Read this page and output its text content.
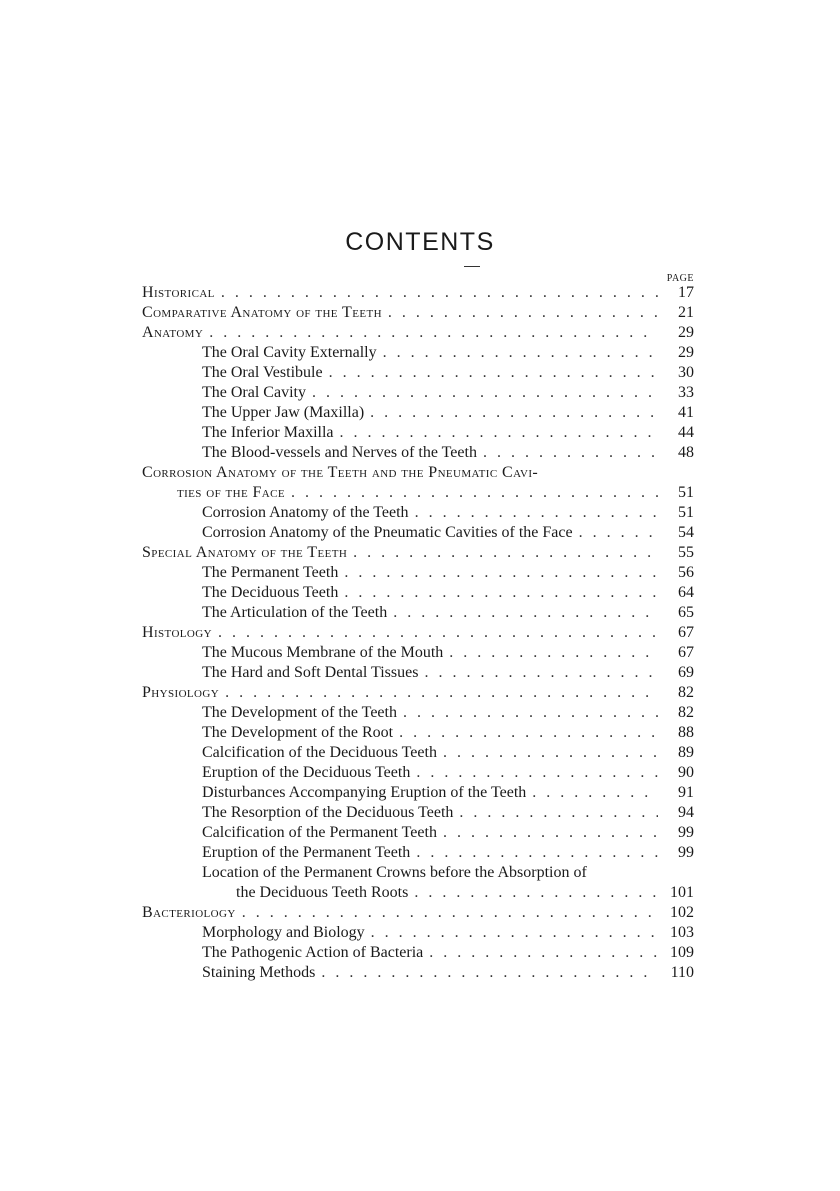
CONTENTS
PAGE
Historical . . .	17
Comparative Anatomy of the Teeth . . .	21
Anatomy . . .	29
The Oral Cavity Externally . . .	29
The Oral Vestibule . . .	30
The Oral Cavity . . .	33
The Upper Jaw (Maxilla) . . .	41
The Inferior Maxilla . . .	44
The Blood-vessels and Nerves of the Teeth . . .	48
Corrosion Anatomy of the Teeth and the Pneumatic Cavi-
ties of the Face . . .	51
Corrosion Anatomy of the Teeth . . .	51
Corrosion Anatomy of the Pneumatic Cavities of the Face . . .	54
Special Anatomy of the Teeth . . .	55
The Permanent Teeth . . .	56
The Deciduous Teeth . . .	64
The Articulation of the Teeth . . .	65
Histology . . .	67
The Mucous Membrane of the Mouth . . .	67
The Hard and Soft Dental Tissues . . .	69
Physiology . . .	82
The Development of the Teeth . . .	82
The Development of the Root . . .	88
Calcification of the Deciduous Teeth . . .	89
Eruption of the Deciduous Teeth . . .	90
Disturbances Accompanying Eruption of the Teeth . . .	91
The Resorption of the Deciduous Teeth . . .	94
Calcification of the Permanent Teeth . . .	99
Eruption of the Permanent Teeth . . .	99
Location of the Permanent Crowns before the Absorption of
the Deciduous Teeth Roots . . .	101
Bacteriology . . .	102
Morphology and Biology . . .	103
The Pathogenic Action of Bacteria . . .	109
Staining Methods . . .	110
